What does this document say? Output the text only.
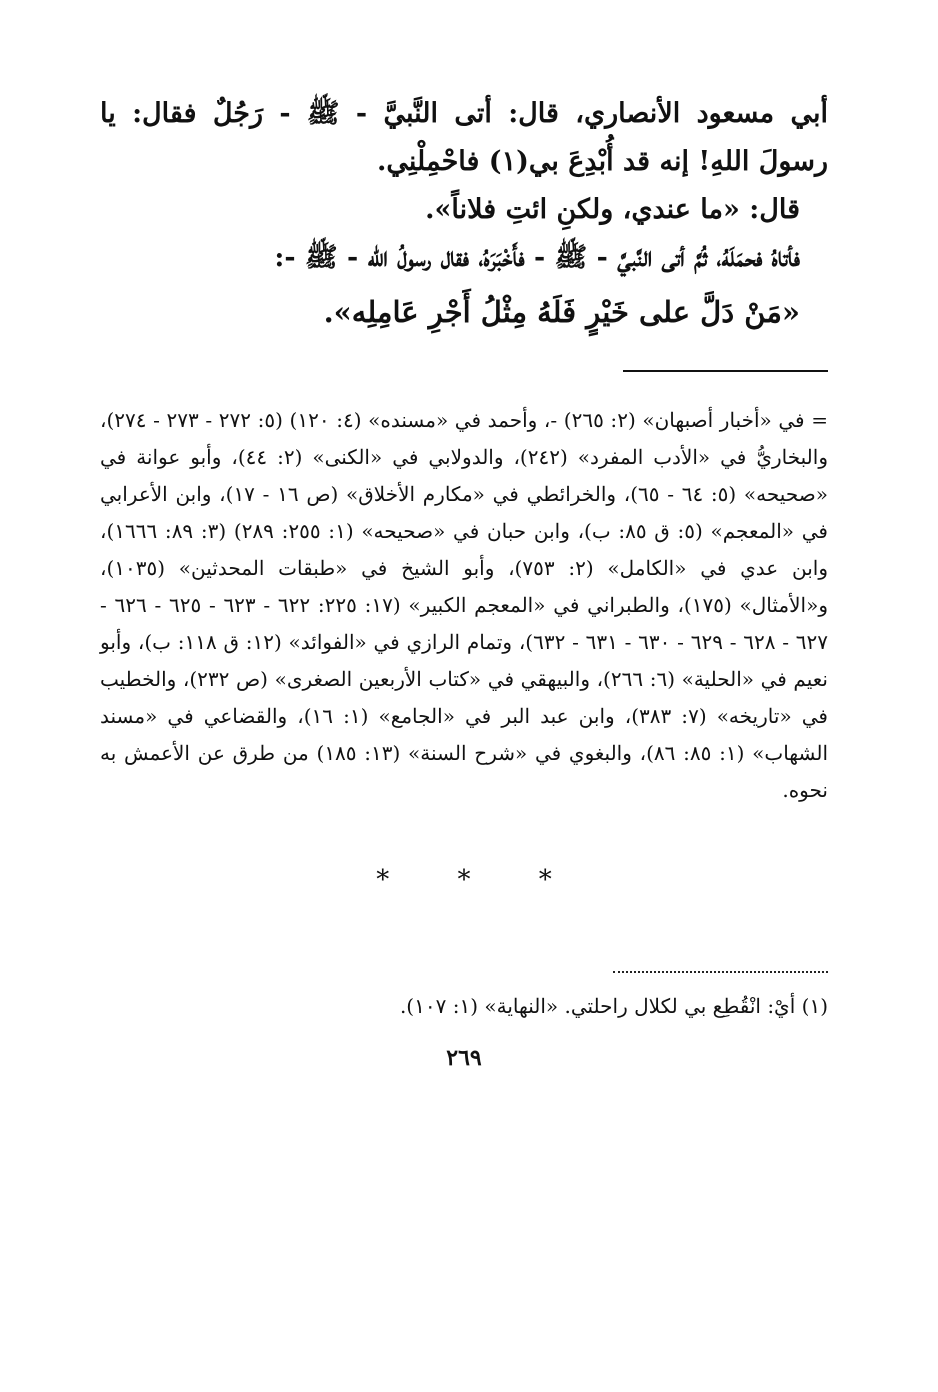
أبي مسعود الأنصاري، قال: أتى النَّبيَّ - ﷺ - رَجُلٌ فقال: يا رسولَ اللهِ! إنه قد أُبْدِعَ بي(١) فاحْمِلْنِي.

قال: «ما عندي، ولكنِ ائتِ فلاناً».

فأتاهُ فحمَلَهُ، ثُمَّ أتى النَّبيَّ - ﷺ - فأَخْبَرَهُ، فقال رسولُ الله - ﷺ -:

«مَنْ دَلَّ على خَيْرٍ فَلَهُ مِثْلُ أَجْرِ عَامِلِه».

= في «أخبار أصبهان» (٢: ٢٦٥) -، وأحمد في «مسنده» (٤: ١٢٠) (٥: ٢٧٢ - ٢٧٣ - ٢٧٤)، والبخاريُّ في «الأدب المفرد» (٢٤٢)، والدولابي في «الكنى» (٢: ٤٤)، وأبو عوانة في «صحيحه» (٥: ٦٤ - ٦٥)، والخرائطي في «مكارم الأخلاق» (ص ١٦ - ١٧)، وابن الأعرابي في «المعجم» (٥: ق ٨٥: ب)، وابن حبان في «صحيحه» (١: ٢٥٥: ٢٨٩) (٣: ٨٩: ١٦٦٦)، وابن عدي في «الكامل» (٢: ٧٥٣)، وأبو الشيخ في «طبقات المحدثين» (١٠٣٥)، و«الأمثال» (١٧٥)، والطبراني في «المعجم الكبير» (١٧: ٢٢٥: ٦٢٢ - ٦٢٣ - ٦٢٥ - ٦٢٦ - ٦٢٧ - ٦٢٨ - ٦٢٩ - ٦٣٠ - ٦٣١ - ٦٣٢)، وتمام الرازي في «الفوائد» (١٢: ق ١١٨: ب)، وأبو نعيم في «الحلية» (٦: ٢٦٦)، والبيهقي في «كتاب الأربعين الصغرى» (ص ٢٣٢)، والخطيب في «تاريخه» (٧: ٣٨٣)، وابن عبد البر في «الجامع» (١: ١٦)، والقضاعي في «مسند الشهاب» (١: ٨٥: ٨٦)، والبغوي في «شرح السنة» (١٣: ١٨٥) من طرق عن الأعمش به نحوه.
*	*	*
(١) أيْ: انْقُطِع بي لكلال راحلتي. «النهاية» (١: ١٠٧).
٢٦٩
